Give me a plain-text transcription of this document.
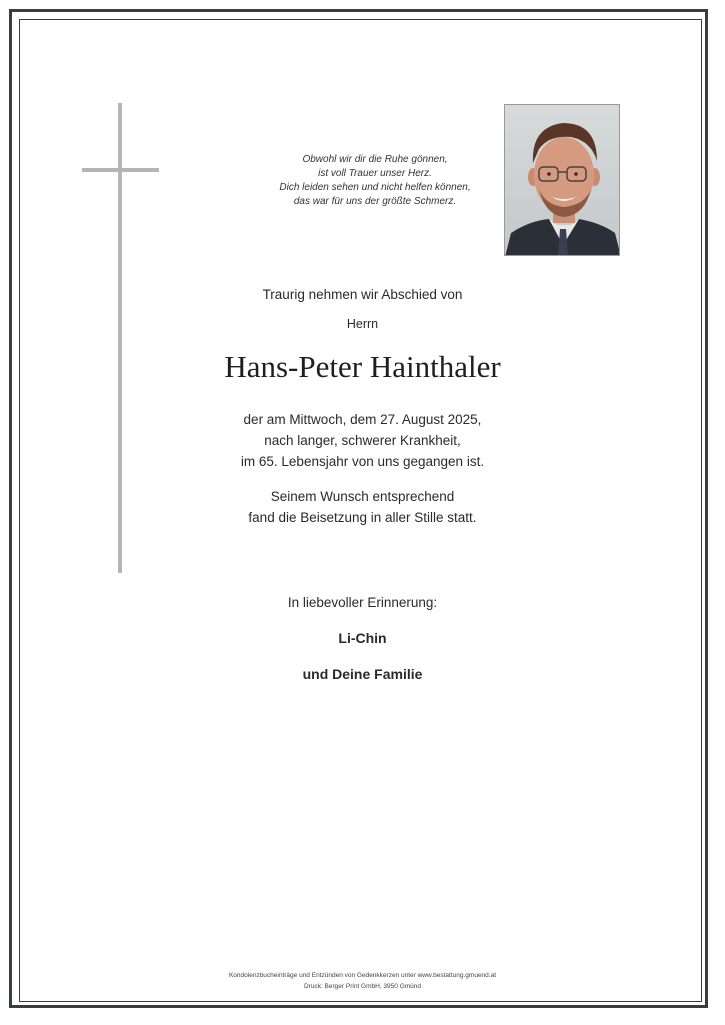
Obwohl wir dir die Ruhe gönnen,
ist voll Trauer unser Herz.
Dich leiden sehen und nicht helfen können,
das war für uns der größte Schmerz.
Traurig nehmen wir Abschied von
Herrn
Hans-Peter Hainthaler
der am Mittwoch, dem 27. August 2025,
nach langer, schwerer Krankheit,
im 65. Lebensjahr von uns gegangen ist.
Seinem Wunsch entsprechend
fand die Beisetzung in aller Stille statt.
In liebevoller Erinnerung:
Li-Chin
und Deine Familie
Kondolenzbucheinträge und Entzünden von Gedenkkerzen unter www.bestattung.gmuend.at
Druck: Berger Print GmbH, 3950 Gmünd
